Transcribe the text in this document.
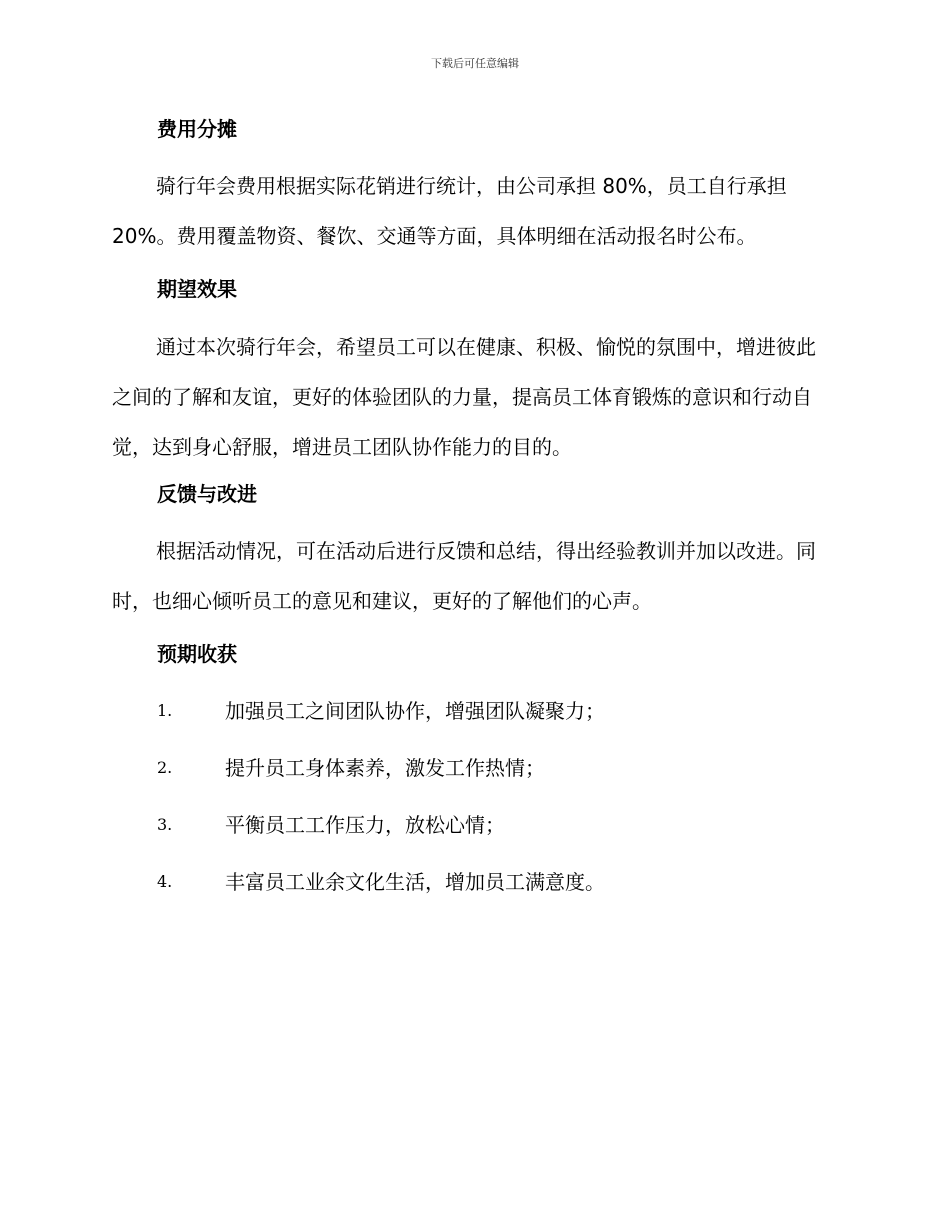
下载后可任意编辑
费用分摊
骑行年会费用根据实际花销进行统计，由公司承担 80%，员工自行承担 20%。费用覆盖物资、餐饮、交通等方面，具体明细在活动报名时公布。
期望效果
通过本次骑行年会，希望员工可以在健康、积极、愉悦的氛围中，增进彼此之间的了解和友谊，更好的体验团队的力量，提高员工体育锻炼的意识和行动自觉，达到身心舒服，增进员工团队协作能力的目的。
反馈与改进
根据活动情况，可在活动后进行反馈和总结，得出经验教训并加以改进。同时，也细心倾听员工的意见和建议，更好的了解他们的心声。
预期收获
1.	加强员工之间团队协作，增强团队凝聚力；
2.	提升员工身体素养，激发工作热情；
3.	平衡员工工作压力，放松心情；
4.	丰富员工业余文化生活，增加员工满意度。
